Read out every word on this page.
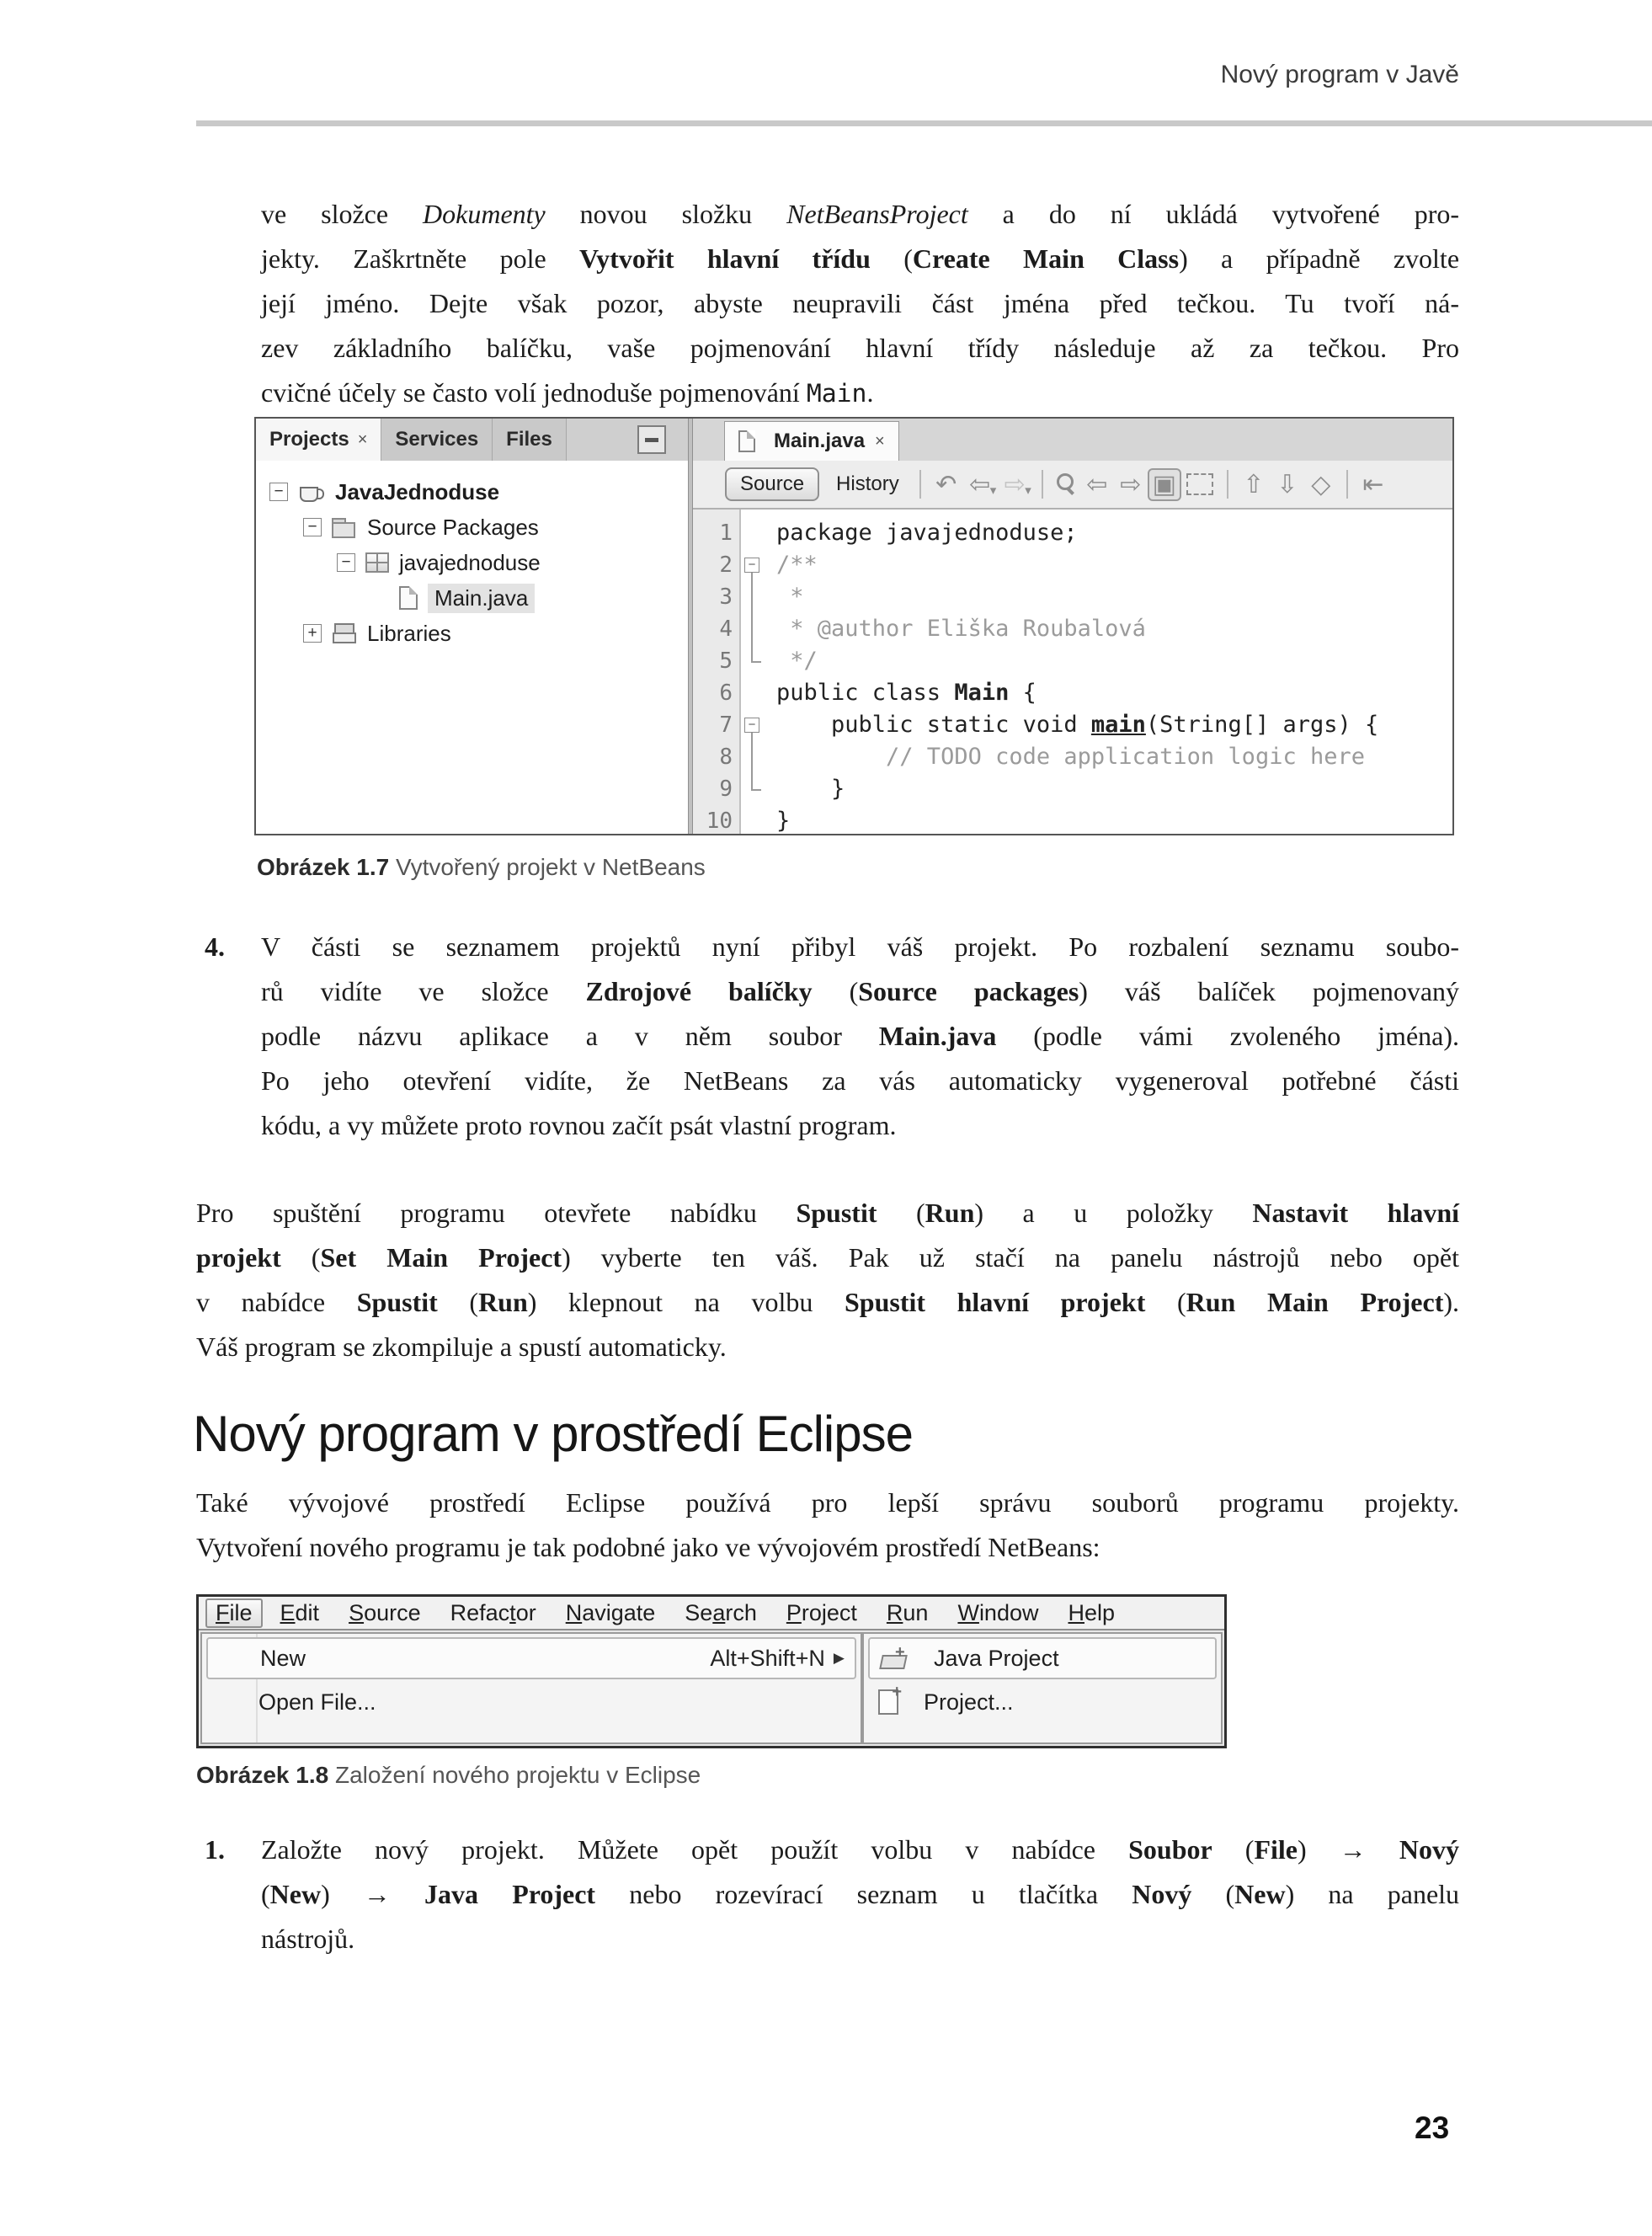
Nový program v Javě
ve složce Dokumenty novou složku NetBeansProject a do ní ukládá vytvořené pro-
jekty. Zaškrtněte pole Vytvořit hlavní třídu (Create Main Class) a případně zvolte
její jméno. Dejte však pozor, abyste neupravili část jména před tečkou. Tu tvoří ná-
zev základního balíčku, vaše pojmenování hlavní třídy následuje až za tečkou. Pro
cvičné účely se často volí jednoduše pojmenování Main.
Projects × Services Files
− JavaJednoduse
− Source Packages
− javajednoduse
Main.java
+ Libraries
Main.java ×
Source	History	↶ ⇦ ▾ ⇨ ▾ ⇦ ⇨ ▣	⇧ ⇩ ◇ ⇤
1
2
3
4
5
6
7
8
9
10
−
−
package javajednoduse;
/**
*
* @author Eliška Roubalová
*/
public class Main {
public static void main(String[] args) {
// TODO code application logic here
}
}
Obrázek 1.7 Vytvořený projekt v NetBeans
4. V části se seznamem projektů nyní přibyl váš projekt. Po rozbalení seznamu soubo-
rů vidíte ve složce Zdrojové balíčky (Source packages) váš balíček pojmenovaný
podle názvu aplikace a v něm soubor Main.java (podle vámi zvoleného jména).
Po jeho otevření vidíte, že NetBeans za vás automaticky vygeneroval potřebné části
kódu, a vy můžete proto rovnou začít psát vlastní program.
Pro spuštění programu otevřete nabídku Spustit (Run) a u položky Nastavit hlavní
projekt (Set Main Project) vyberte ten váš. Pak už stačí na panelu nástrojů nebo opět
v nabídce Spustit (Run) klepnout na volbu Spustit hlavní projekt (Run Main Project).
Váš program se zkompiluje a spustí automaticky.
Nový program v prostředí Eclipse
Také vývojové prostředí Eclipse používá pro lepší správu souborů programu projekty.
Vytvoření nového programu je tak podobné jako ve vývojovém prostředí NetBeans:
File	Edit Source Refactor Navigate Search Project Run Window Help
New	Alt+Shift+N ▶
Open File...
+
Java Project
+
Project...
Obrázek 1.8 Založení nového projektu v Eclipse
1. Založte nový projekt. Můžete opět použít volbu v nabídce Soubor (File) → Nový
(New) → Java Project nebo rozevírací seznam u tlačítka Nový (New) na panelu
nástrojů.
23
